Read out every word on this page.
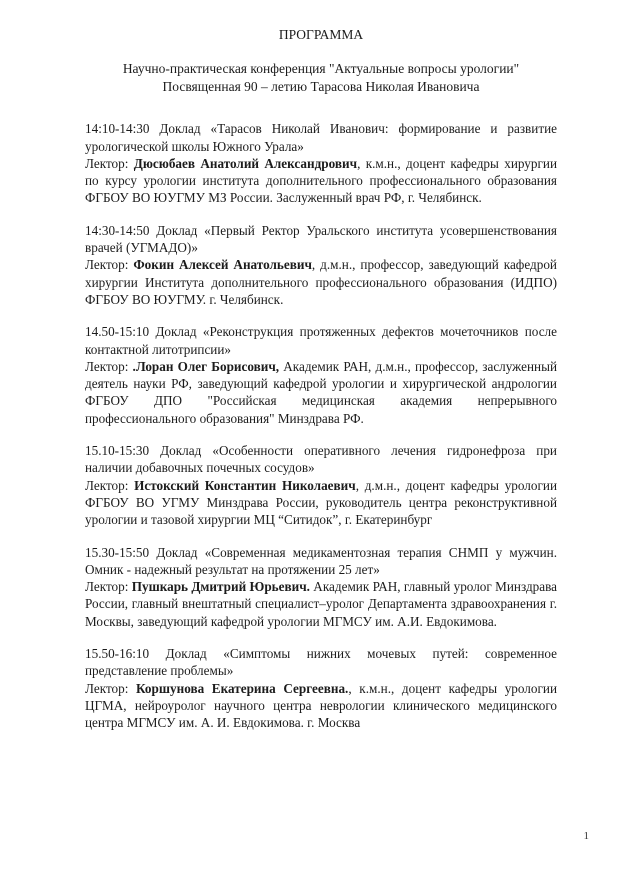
ПРОГРАММА

Научно-практическая конференция "Актуальные вопросы урологии"

Посвященная 90 – летию Тарасова Николая Ивановича

14:10-14:30 Доклад «Тарасов Николай Иванович: формирование и развитие урологической школы Южного Урала»

Лектор: Дюсюбаев Анатолий Александрович, к.м.н., доцент кафедры хирургии по курсу урологии института дополнительного профессионального образования ФГБОУ ВО ЮУГМУ МЗ России. Заслуженный врач РФ, г. Челябинск.

14:30-14:50 Доклад «Первый Ректор Уральского института усовершенствования врачей (УГМАДО)»

Лектор: Фокин Алексей Анатольевич, д.м.н., профессор, заведующий кафедрой хирургии Института дополнительного профессионального образования (ИДПО) ФГБОУ ВО ЮУГМУ. г. Челябинск.

14.50-15:10 Доклад «Реконструкция протяженных дефектов мочеточников после контактной литотрипсии»

Лектор: .Лоран Олег Борисович, Академик РАН, д.м.н., профессор, заслуженный деятель науки РФ, заведующий кафедрой урологии и хирургической андрологии ФГБОУ ДПО "Российская медицинская академия непрерывного профессионального образования" Минздрава РФ.

15.10-15:30 Доклад «Особенности оперативного лечения гидронефроза при наличии добавочных почечных сосудов»

Лектор: Истокский Константин Николаевич, д.м.н., доцент кафедры урологии ФГБОУ ВО УГМУ Минздрава России, руководитель центра реконструктивной урологии и тазовой хирургии МЦ “Ситидок”, г. Екатеринбург

15.30-15:50 Доклад «Современная медикаментозная терапия СНМП у мужчин. Омник - надежный результат на протяжении 25 лет»

Лектор: Пушкарь Дмитрий Юрьевич. Академик РАН, главный уролог Минздрава России, главный внештатный специалист–уролог Департамента здравоохранения г. Москвы, заведующий кафедрой урологии МГМСУ им. А.И. Евдокимова.

15.50-16:10 Доклад «Симптомы нижних мочевых путей: современное представление проблемы»

Лектор: Коршунова Екатерина Сергеевна., к.м.н., доцент кафедры урологии ЦГМА, нейроуролог научного центра неврологии клинического медицинского центра МГМСУ им. А. И. Евдокимова. г. Москва

1
